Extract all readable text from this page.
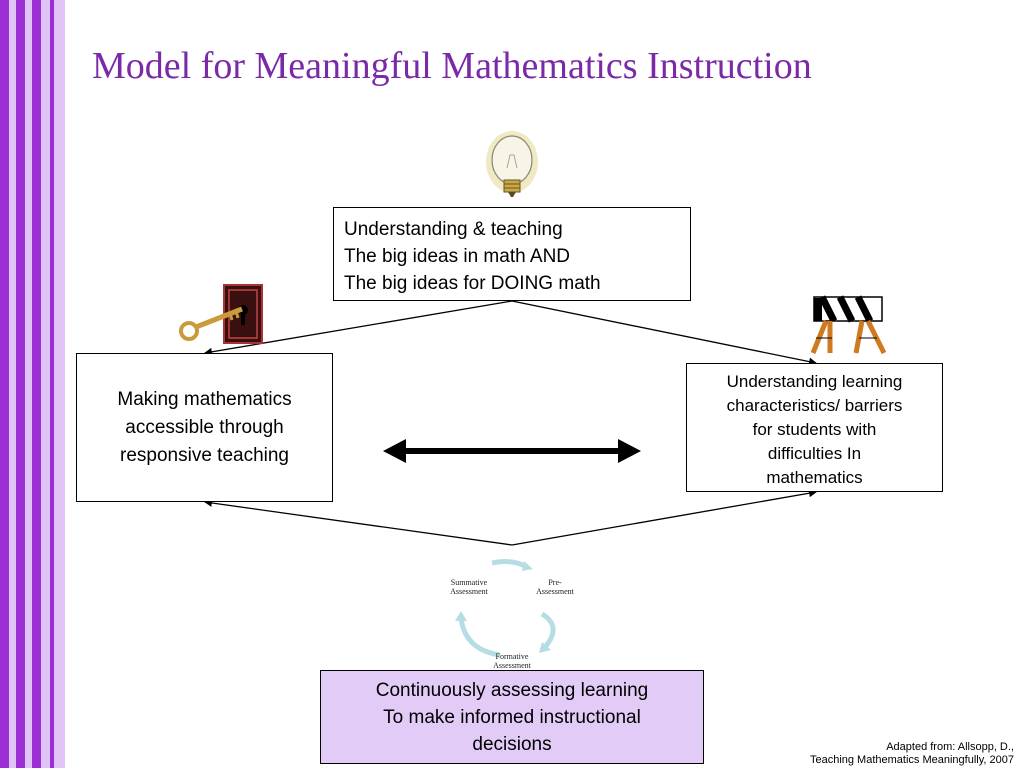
Model for Meaningful Mathematics Instruction
Understanding & teaching
The big ideas in math AND
The big ideas for DOING math
Making mathematics
accessible through
responsive teaching
Understanding learning
characteristics/ barriers
for students with
difficulties In
mathematics
Summative
Assessment
Pre-
Assessment
Formative
Assessment
Continuously assessing learning
To make informed instructional
decisions	Adapted from: Allsopp, D.,
Teaching Mathematics Meaningfully, 2007
